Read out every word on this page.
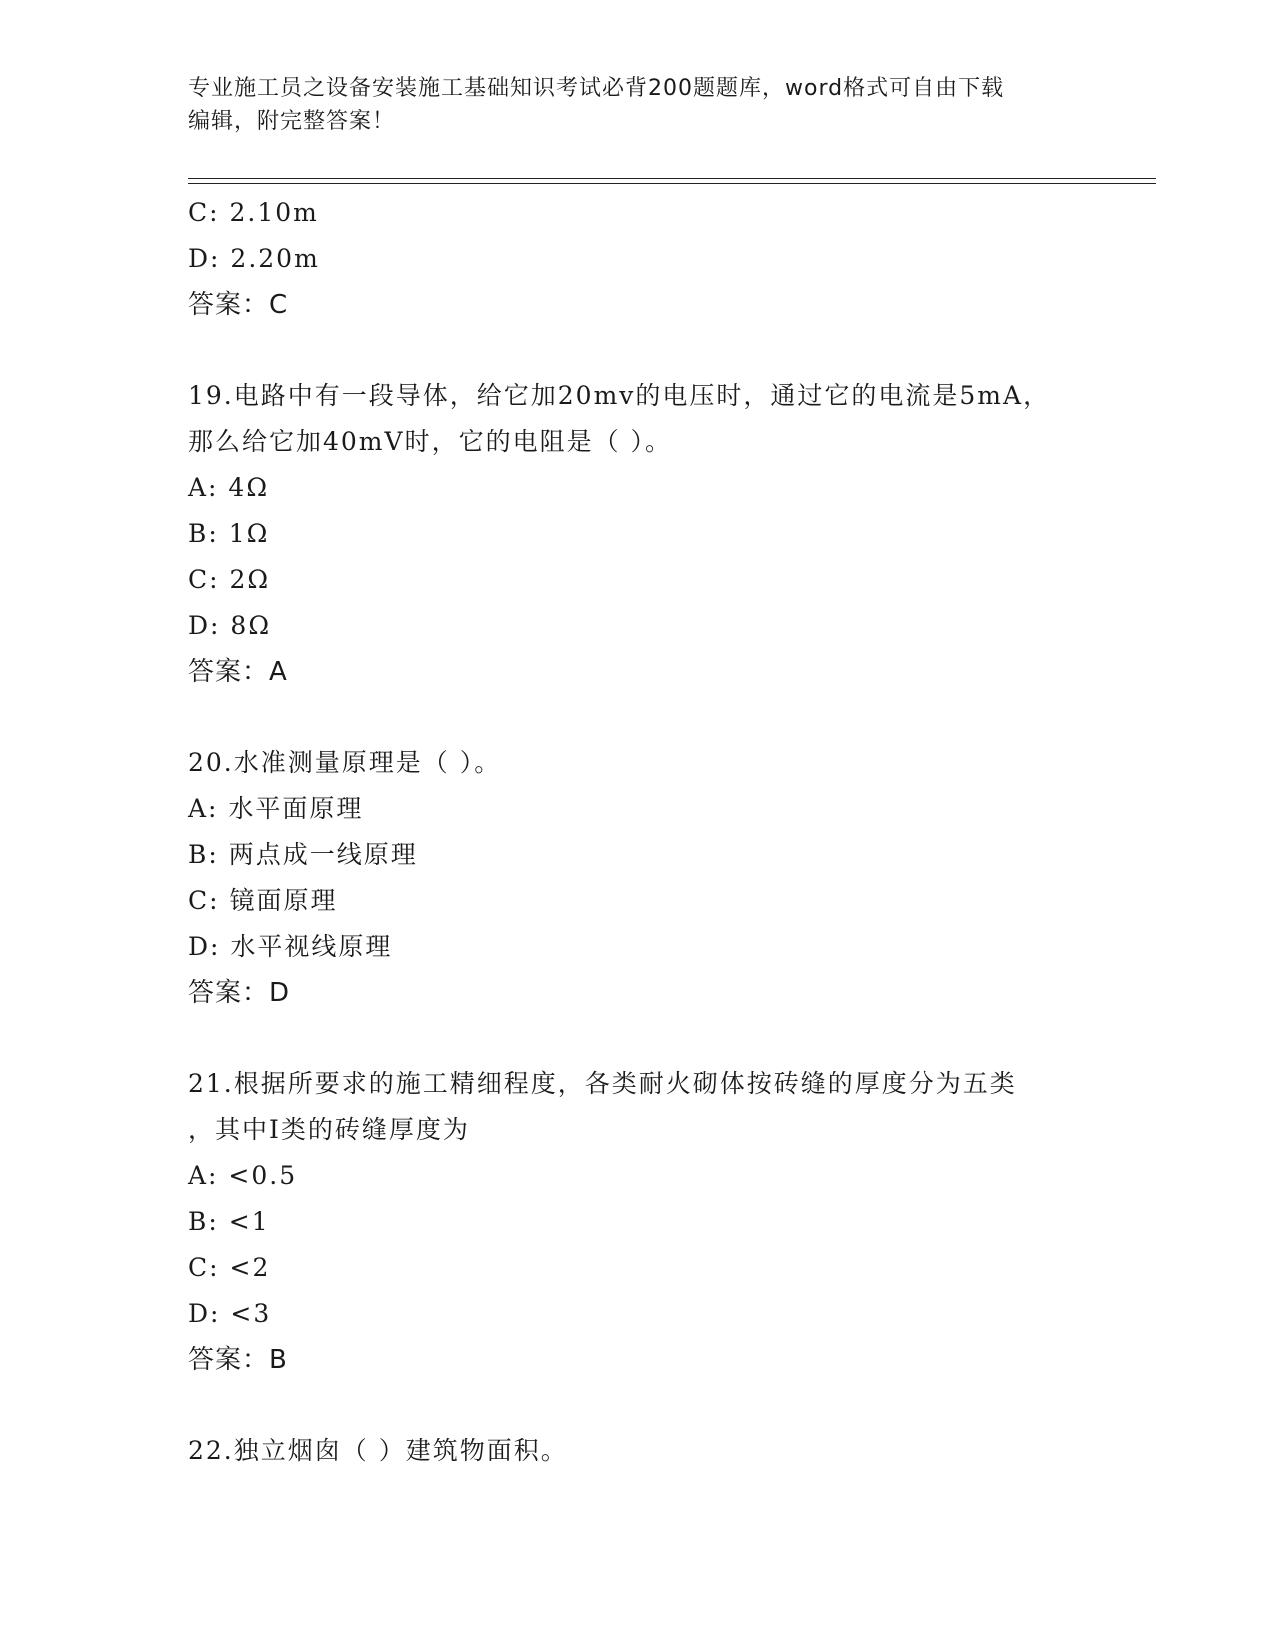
专业施工员之设备安装施工基础知识考试必背200题题库，word格式可自由下载
编辑，附完整答案！
C: 2.10m
D: 2.20m
答案：C
19.电路中有一段导体，给它加20mv的电压时，通过它的电流是5mA，
那么给它加40mV时，它的电阻是（ ）。
A: 4Ω
B: 1Ω
C: 2Ω
D: 8Ω
答案：A
20.水准测量原理是（ ）。
A: 水平面原理
B: 两点成一线原理
C: 镜面原理
D: 水平视线原理
答案：D
21.根据所要求的施工精细程度，各类耐火砌体按砖缝的厚度分为五类
，其中I类的砖缝厚度为
A: <0.5
B: <1
C: <2
D: <3
答案：B
22.独立烟囱（ ）建筑物面积。
